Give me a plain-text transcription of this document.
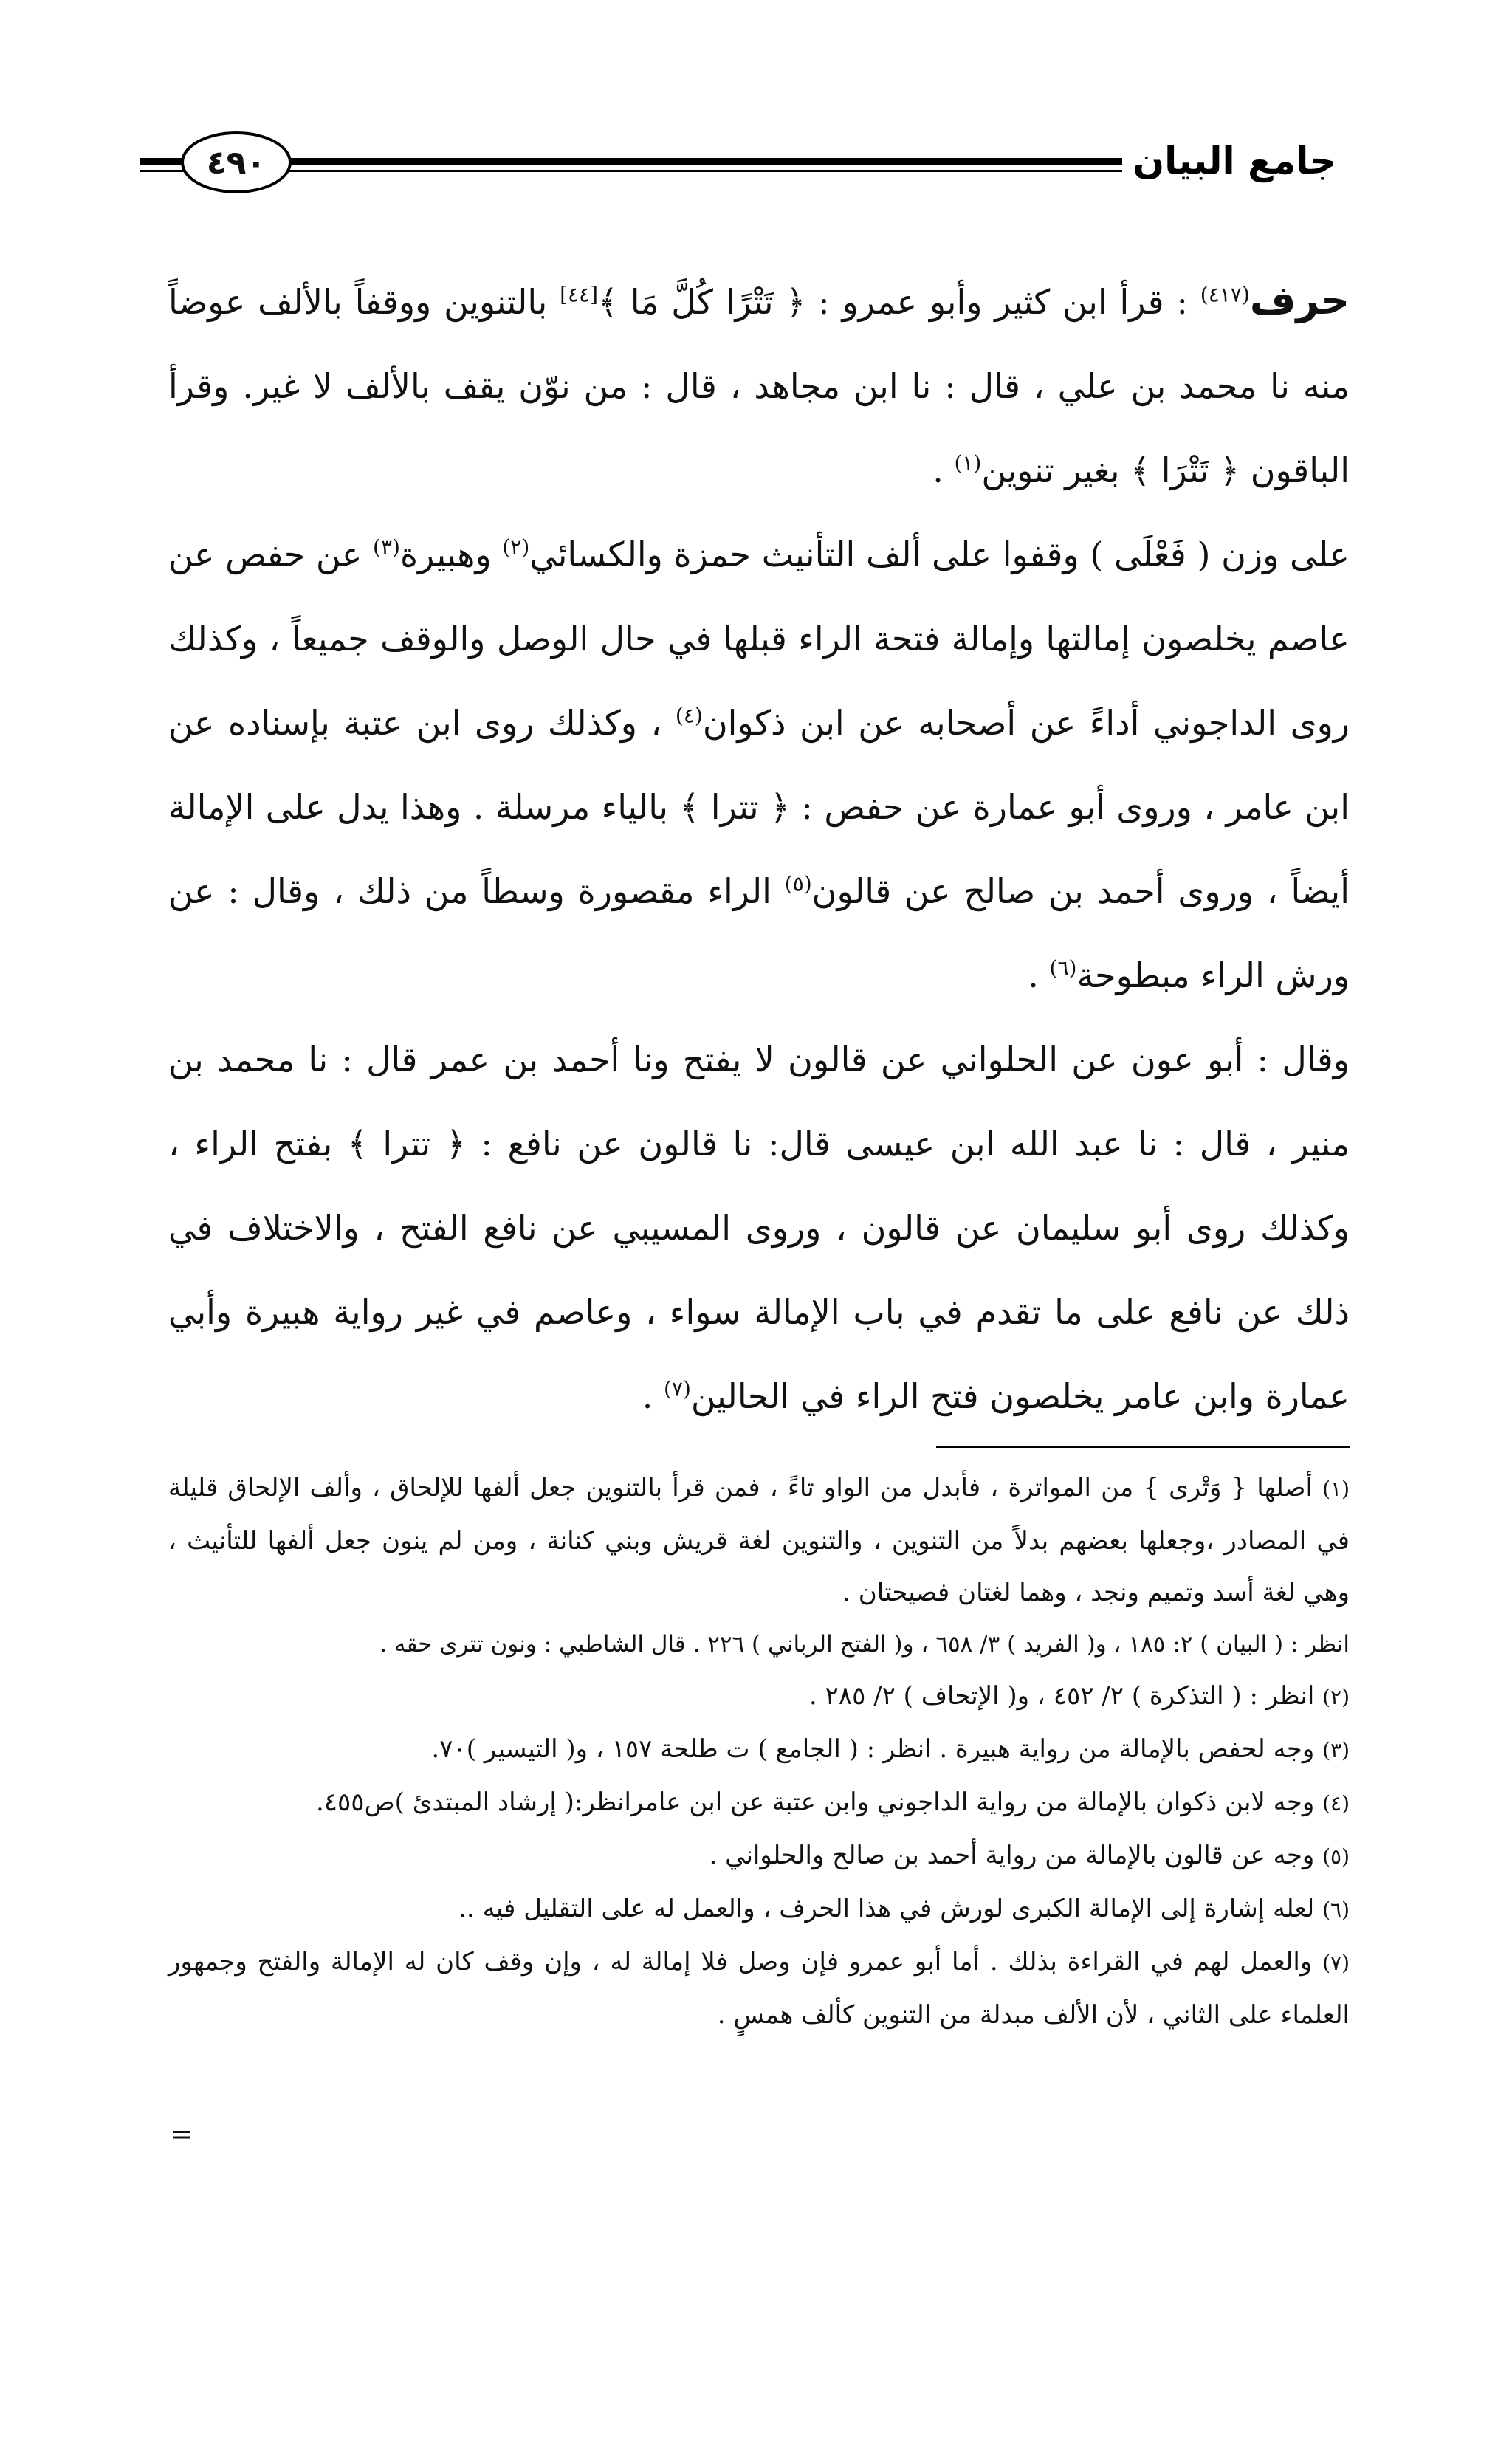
جامع البيان
٤٩٠

حرف$^{(٤١٧)}$ : قرأ ابن كثير وأبو عمرو : ﴿ تَتْرًا كُلَّ مَا ﴾[٤٤] بالتنوين ووقفاً بالألف عوضاً منه نا محمد بن علي ، قال : نا ابن مجاهد ، قال : من نوّن يقف بالألف لا غير. وقرأ الباقون ﴿ تَتْرَا ﴾ بغير تنوين$^{(١)}$ .

على وزن ( فَعْلَى ) وقفوا على ألف التأنيث حمزة والكسائي$^{(٢)}$ وهبيرة$^{(٣)}$ عن حفص عن عاصم يخلصون إمالتها وإمالة فتحة الراء قبلها في حال الوصل والوقف جميعاً ، وكذلك روى الداجوني أداءً عن أصحابه عن ابن ذكوان$^{(٤)}$ ، وكذلك روى ابن عتبة بإسناده عن ابن عامر ، وروى أبو عمارة عن حفص : ﴿ تترا ﴾ بالياء مرسلة . وهذا يدل على الإمالة أيضاً ، وروى أحمد بن صالح عن قالون$^{(٥)}$ الراء مقصورة وسطاً من ذلك ، وقال : عن ورش الراء مبطوحة$^{(٦)}$ .

وقال : أبو عون عن الحلواني عن قالون لا يفتح ونا أحمد بن عمر قال : نا محمد بن منير ، قال : نا عبد الله ابن عيسى قال: نا قالون عن نافع : ﴿ تترا ﴾ بفتح الراء ، وكذلك روى أبو سليمان عن قالون ، وروى المسيبي عن نافع الفتح ، والاختلاف في ذلك عن نافع على ما تقدم في باب الإمالة سواء ، وعاصم في غير رواية هبيرة وأبي عمارة وابن عامر يخلصون فتح الراء في الحالين$^{(٧)}$ .

(١) أصلها { وَتْرى } من المواترة ، فأبدل من الواو تاءً ، فمن قرأ بالتنوين جعل ألفها للإلحاق ، وألف الإلحاق قليلة في المصادر ،وجعلها بعضهم بدلاً من التنوين ، والتنوين لغة قريش وبني كنانة ، ومن لم ينون جعل ألفها للتأنيث ، وهي لغة أسد وتميم ونجد ، وهما لغتان فصيحتان .

انظر : ( البيان ) ٢: ١٨٥ ، و( الفريد ) ٣/ ٦٥٨ ، و( الفتح الرباني ) ٢٢٦ . قال الشاطبي : ونون تترى حقه .

(٢) انظر : ( التذكرة ) ٢/ ٤٥٢ ، و( الإتحاف ) ٢/ ٢٨٥ .

(٣) وجه لحفص بالإمالة من رواية هبيرة . انظر : ( الجامع ) ت طلحة ١٥٧ ، و( التيسير )٧٠.

(٤) وجه لابن ذكوان بالإمالة من رواية الداجوني وابن عتبة عن ابن عامرانظر:( إرشاد المبتدئ )ص٤٥٥.

(٥) وجه عن قالون بالإمالة من رواية أحمد بن صالح والحلواني .

(٦) لعله إشارة إلى الإمالة الكبرى لورش في هذا الحرف ، والعمل له على التقليل فيه ..

(٧) والعمل لهم في القراءة بذلك . أما أبو عمرو فإن وصل فلا إمالة له ، وإن وقف كان له الإمالة والفتح وجمهور العلماء على الثاني ، لأن الألف مبدلة من التنوين كألف همسٍ .

=
